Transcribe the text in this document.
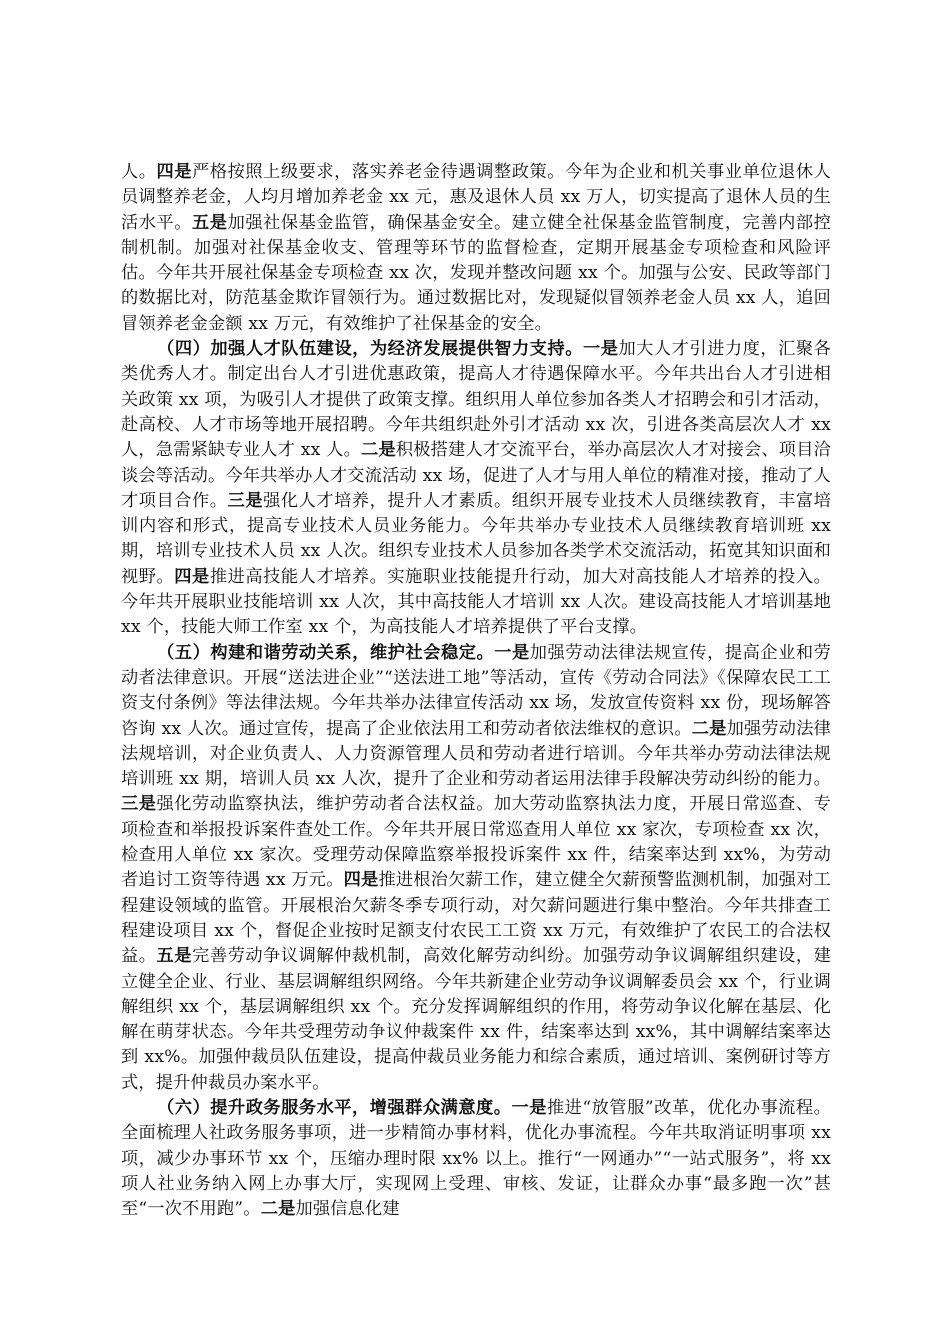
人。四是严格按照上级要求，落实养老金待遇调整政策。今年为企业和机关事业单位退休人员调整养老金，人均月增加养老金 xx 元，惠及退休人员 xx 万人，切实提高了退休人员的生活水平。五是加强社保基金监管，确保基金安全。建立健全社保基金监管制度，完善内部控制机制。加强对社保基金收支、管理等环节的监督检查，定期开展基金专项检查和风险评估。今年共开展社保基金专项检查 xx 次，发现并整改问题 xx 个。加强与公安、民政等部门的数据比对，防范基金欺诈冒领行为。通过数据比对，发现疑似冒领养老金人员 xx 人，追回冒领养老金金额 xx 万元，有效维护了社保基金的安全。

（四）加强人才队伍建设，为经济发展提供智力支持。一是加大人才引进力度，汇聚各类优秀人才。制定出台人才引进优惠政策，提高人才待遇保障水平。今年共出台人才引进相关政策 xx 项，为吸引人才提供了政策支撑。组织用人单位参加各类人才招聘会和引才活动，赴高校、人才市场等地开展招聘。今年共组织赴外引才活动 xx 次，引进各类高层次人才 xx 人，急需紧缺专业人才 xx 人。二是积极搭建人才交流平台，举办高层次人才对接会、项目洽谈会等活动。今年共举办人才交流活动 xx 场，促进了人才与用人单位的精准对接，推动了人才项目合作。三是强化人才培养，提升人才素质。组织开展专业技术人员继续教育，丰富培训内容和形式，提高专业技术人员业务能力。今年共举办专业技术人员继续教育培训班 xx 期，培训专业技术人员 xx 人次。组织专业技术人员参加各类学术交流活动，拓宽其知识面和视野。四是推进高技能人才培养。实施职业技能提升行动，加大对高技能人才培养的投入。今年共开展职业技能培训 xx 人次，其中高技能人才培训 xx 人次。建设高技能人才培训基地 xx 个，技能大师工作室 xx 个，为高技能人才培养提供了平台支撑。

（五）构建和谐劳动关系，维护社会稳定。一是加强劳动法律法规宣传，提高企业和劳动者法律意识。开展“送法进企业”“送法进工地”等活动，宣传《劳动合同法》《保障农民工工资支付条例》等法律法规。今年共举办法律宣传活动 xx 场，发放宣传资料 xx 份，现场解答咨询 xx 人次。通过宣传，提高了企业依法用工和劳动者依法维权的意识。二是加强劳动法律法规培训，对企业负责人、人力资源管理人员和劳动者进行培训。今年共举办劳动法律法规培训班 xx 期，培训人员 xx 人次，提升了企业和劳动者运用法律手段解决劳动纠纷的能力。三是强化劳动监察执法，维护劳动者合法权益。加大劳动监察执法力度，开展日常巡查、专项检查和举报投诉案件查处工作。今年共开展日常巡查用人单位 xx 家次，专项检查 xx 次，检查用人单位 xx 家次。受理劳动保障监察举报投诉案件 xx 件，结案率达到 xx%，为劳动者追讨工资等待遇 xx 万元。四是推进根治欠薪工作，建立健全欠薪预警监测机制，加强对工程建设领域的监管。开展根治欠薪冬季专项行动，对欠薪问题进行集中整治。今年共排查工程建设项目 xx 个，督促企业按时足额支付农民工工资 xx 万元，有效维护了农民工的合法权益。五是完善劳动争议调解仲裁机制，高效化解劳动纠纷。加强劳动争议调解组织建设，建立健全企业、行业、基层调解组织网络。今年共新建企业劳动争议调解委员会 xx 个，行业调解组织 xx 个，基层调解组织 xx 个。充分发挥调解组织的作用，将劳动争议化解在基层、化解在萌芽状态。今年共受理劳动争议仲裁案件 xx 件，结案率达到 xx%，其中调解结案率达到 xx%。加强仲裁员队伍建设，提高仲裁员业务能力和综合素质，通过培训、案例研讨等方式，提升仲裁员办案水平。

（六）提升政务服务水平，增强群众满意度。一是推进“放管服”改革，优化办事流程。全面梳理人社政务服务事项，进一步精简办事材料，优化办事流程。今年共取消证明事项 xx 项，减少办事环节 xx 个，压缩办理时限 xx% 以上。推行“一网通办”“一站式服务”，将 xx 项人社业务纳入网上办事大厅，实现网上受理、审核、发证，让群众办事“最多跑一次”甚至“一次不用跑”。二是加强信息化建
